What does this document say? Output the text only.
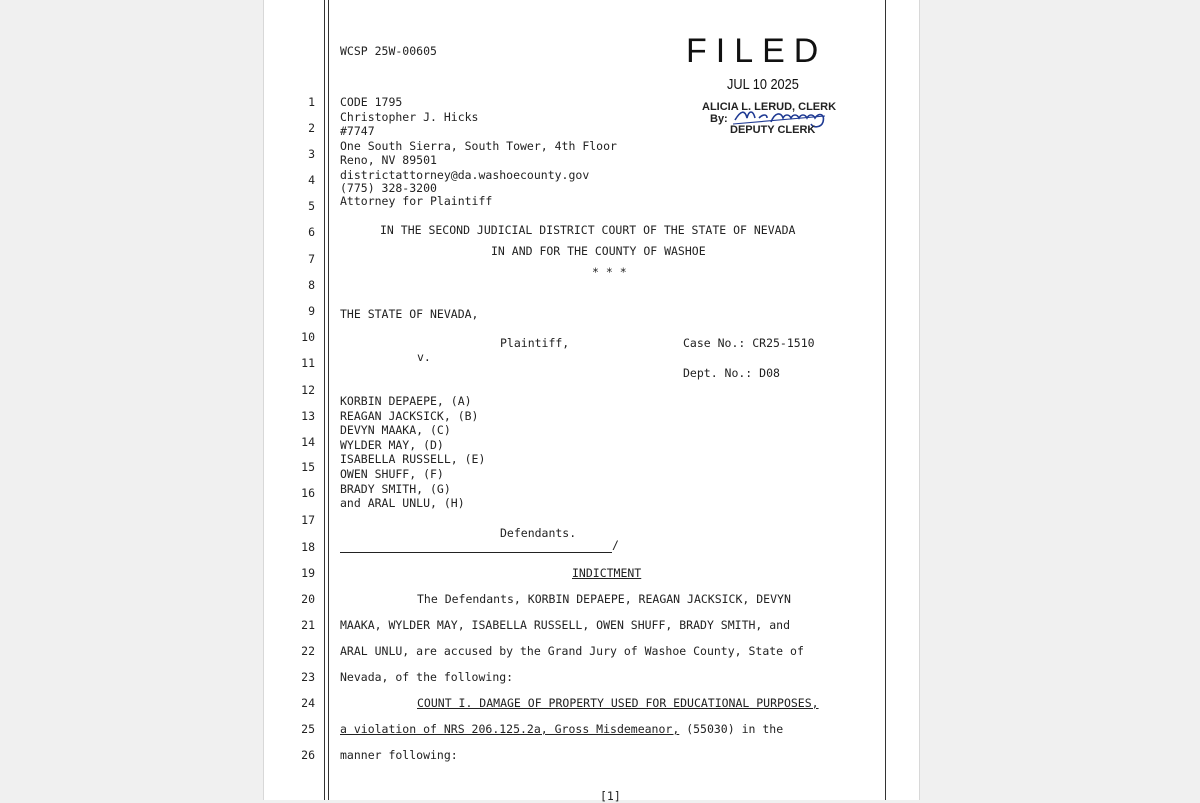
1
2
3
4
5
6
7
8
9
10
11
12
13
14
15
16
17
18
19
20
21
22
23
24
25
26
WCSP 25W-00605
CODE 1795
Christopher J. Hicks
#7747
One South Sierra, South Tower, 4th Floor
Reno, NV 89501
districtattorney@da.washoecounty.gov
(775) 328-3200
Attorney for Plaintiff
FILED
JUL 10 2025
ALICIA L. LERUD, CLERK
By:
DEPUTY CLERK
IN THE SECOND JUDICIAL DISTRICT COURT OF THE STATE OF NEVADA
IN AND FOR THE COUNTY OF WASHOE
* * *
THE STATE OF NEVADA,
Plaintiff,	Case No.: CR25-1510
v.
Dept. No.: D08
KORBIN DEPAEPE, (A)
REAGAN JACKSICK, (B)
DEVYN MAAKA, (C)
WYLDER MAY, (D)
ISABELLA RUSSELL, (E)
OWEN SHUFF, (F)
BRADY SMITH, (G)
and ARAL UNLU, (H)
Defendants.
/
INDICTMENT
The Defendants, KORBIN DEPAEPE, REAGAN JACKSICK, DEVYN
MAAKA, WYLDER MAY, ISABELLA RUSSELL, OWEN SHUFF, BRADY SMITH, and
ARAL UNLU, are accused by the Grand Jury of Washoe County, State of
Nevada, of the following:
COUNT I. DAMAGE OF PROPERTY USED FOR EDUCATIONAL PURPOSES,
a violation of NRS 206.125.2a, Gross Misdemeanor, (55030) in the
manner following:
[1]
